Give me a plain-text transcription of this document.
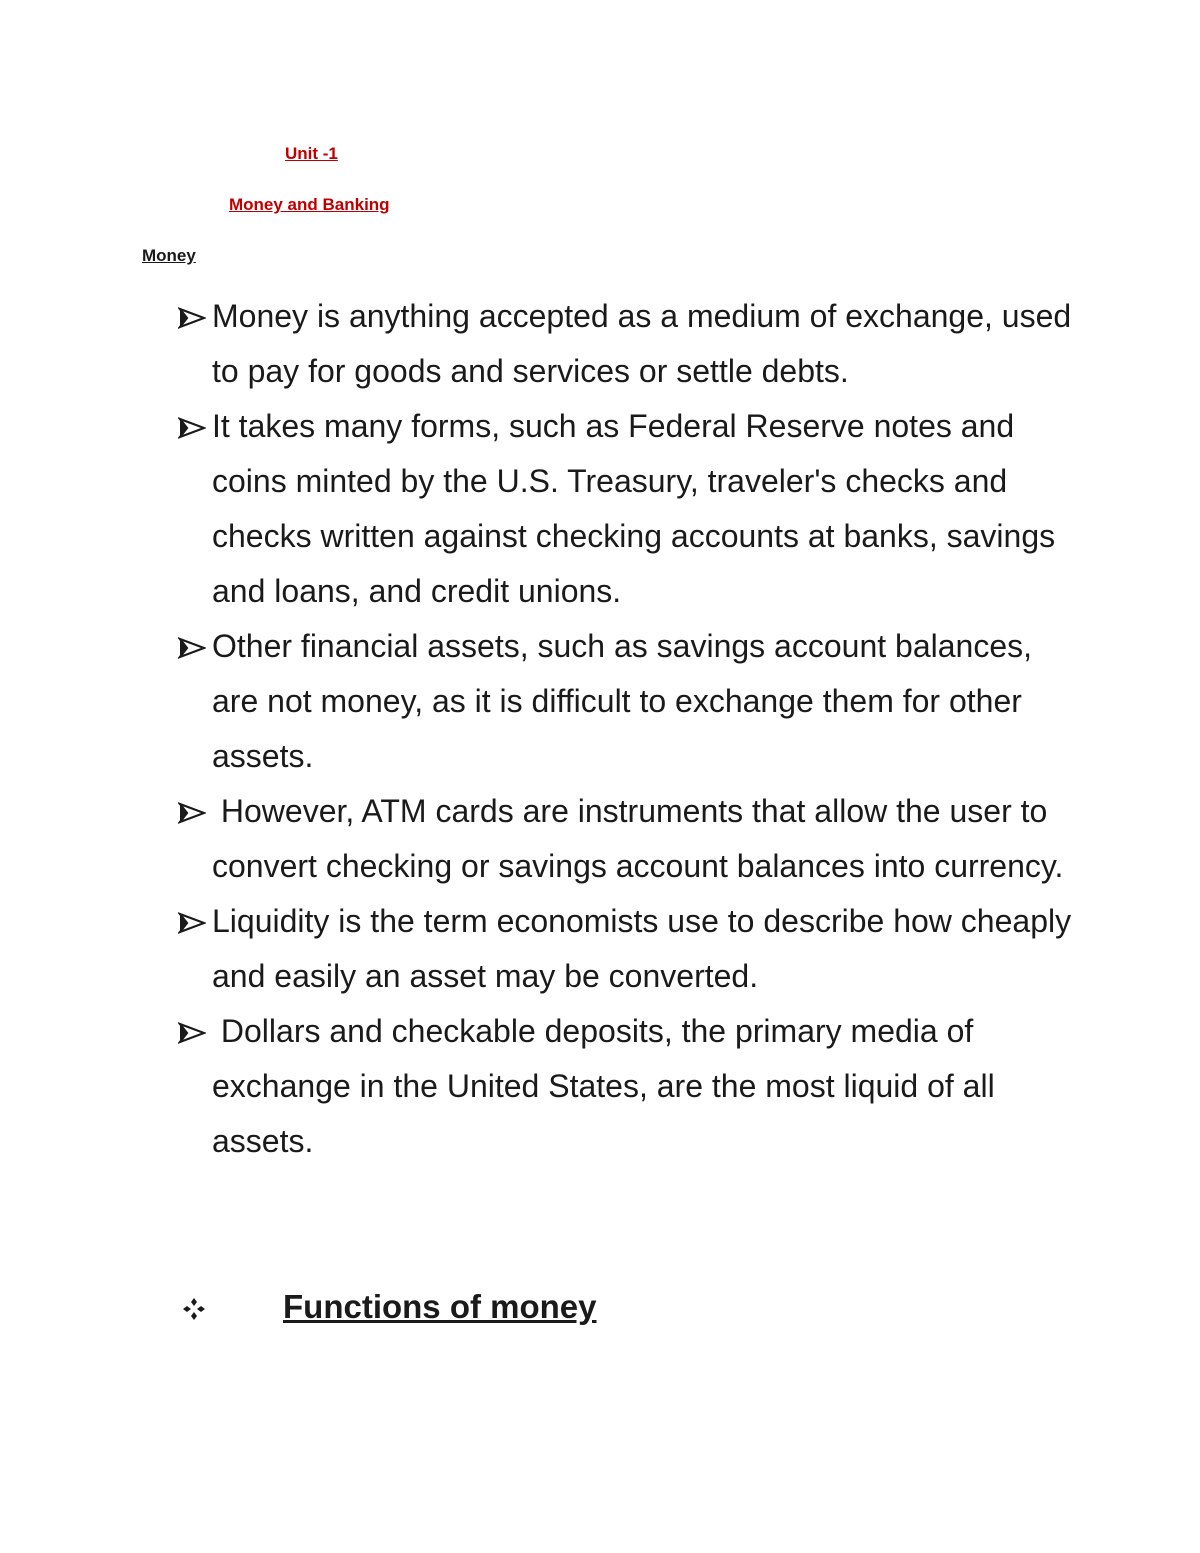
Unit -1
Money and Banking
Money
Money is anything accepted as a medium of exchange, used to pay for goods and services or settle debts.
It takes many forms, such as Federal Reserve notes and coins minted by the U.S. Treasury, traveler's checks and checks written against checking accounts at banks, savings and loans, and credit unions.
Other financial assets, such as savings account balances, are not money, as it is difficult to exchange them for other assets.
However, ATM cards are instruments that allow the user to convert checking or savings account balances into currency.
Liquidity is the term economists use to describe how cheaply and easily an asset may be converted.
Dollars and checkable deposits, the primary media of exchange in the United States, are the most liquid of all assets.
Functions of money
